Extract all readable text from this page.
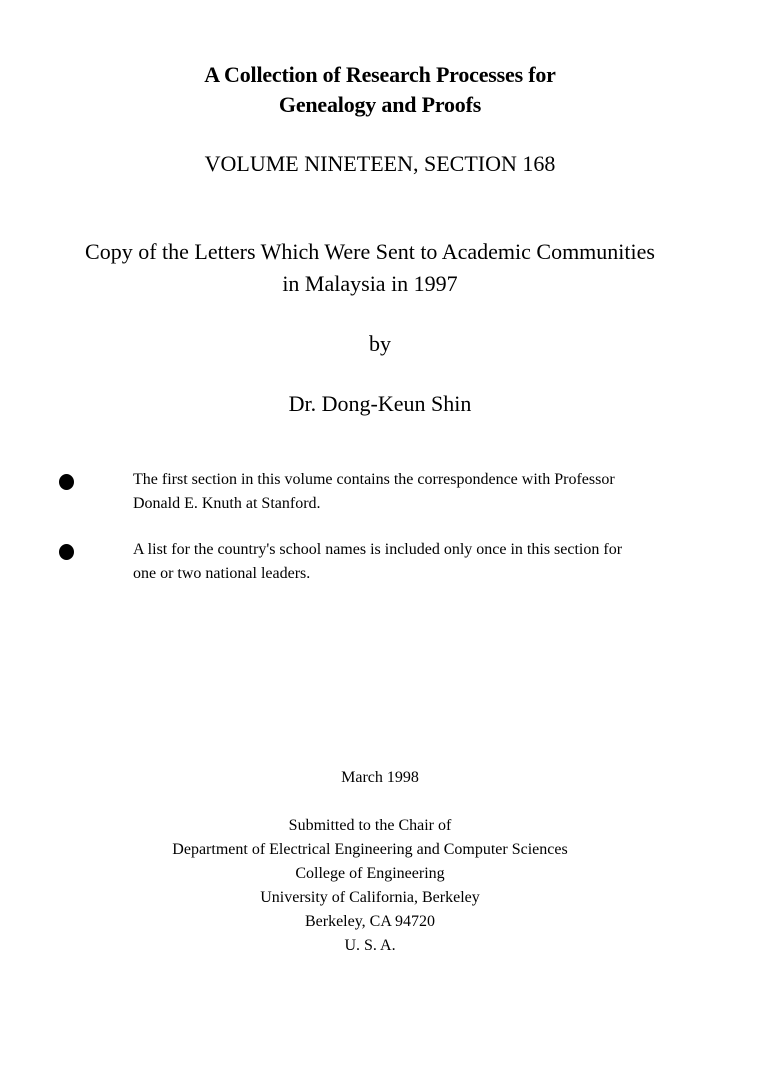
A Collection of Research Processes for
Genealogy and Proofs
VOLUME NINETEEN, SECTION 168
Copy of the Letters Which Were Sent to Academic Communities
in Malaysia in 1997
by
Dr. Dong-Keun Shin
The first section in this volume contains the correspondence with Professor
Donald E. Knuth at Stanford.
A list for the country's school names is included only once in this section for
one or two national leaders.
March 1998
Submitted to the Chair of
Department of Electrical Engineering and Computer Sciences
College of Engineering
University of California, Berkeley
Berkeley, CA 94720
U. S. A.
